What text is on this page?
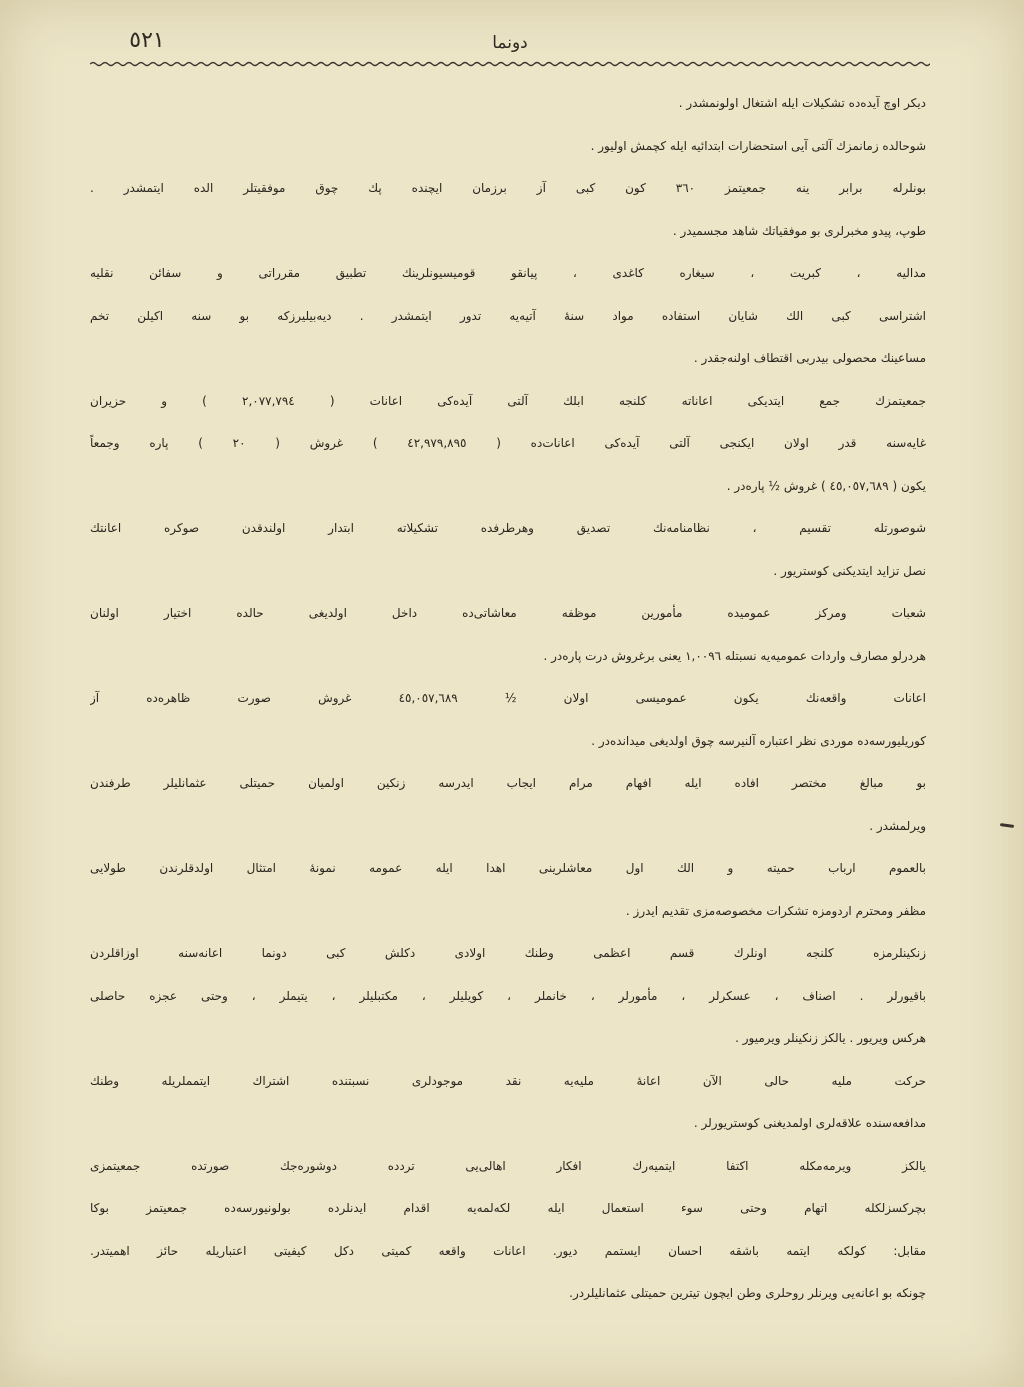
٥٢١	دونما
دیکر اوچ آیده‌ده تشکیلات ایله اشتغال اولونمشدر .
شوحالده زمانمزك آلتی آیی استحضارات ابتدائیه ایله کچمش اولیور .
بونلرله برابر ینه جمعیتمز ٣٦٠ کون کبی آز برزمان ایچنده پك چوق موفقیتلر الده ایتمشدر .
طوپ، پیدو مخبرلری بو موفقیاتك شاهد مجسمیدر .
مدالیه ، کبریت ، سیغاره کاغدی ، پیانقو قومیسیونلرینك تطبیق مقرراتی و سفائن نقلیه
اشتراسی کبی الك شایان استفاده مواد سنهٔ آتیه‌یه تدور ایتمشدر . دیه‌بیلیرزکه بو سنه اکیلن تخم
مساعینك محصولی بیدربی اقتطاف اولنه‌جقدر .
جمعیتمزك جمع ایتدیکی اعاناته کلنجه ابلك آلتی آیده‌کی اعانات ( ٢,٠٧٧,٧٩٤ ) و حزیران
غایه‌سنه قدر اولان ایکنجی آلتی آیده‌کی اعانات‌ده ( ٤٢,٩٧٩,٨٩٥ ) غروش ( ٢٠ ) پاره وجمعاً
یکون ( ٤٥,٠٥٧,٦٨٩ ) غروش ½ پاره‌در .
شوصورتله تقسیم ، نظامنامه‌نك تصدیق وهرطرفده تشکیلاته ابتدار اولندقدن صوکره اعانتك
نصل تزاید ایتدیکنی کوستریور .
شعبات ومرکز عمومیده مأمورین موظفه معاشاتی‌ده داخل اولدیغی حالده اختیار اولنان
هردرلو مصارف واردات عمومیه‌یه نسبتله ١,٠٠٩٦ یعنی برغروش درت پاره‌در .
اعانات واقعه‌نك یکون عمومیسی اولان ½ ٤٥,٠٥٧,٦٨٩ غروش صورت ظاهره‌ده آز
کوریلیورسه‌ده موردی نظر اعتباره آلنیرسه چوق اولدیغی میدانده‌در .
بو مبالغ مختصر افاده ایله افهام مرام ایجاب ایدرسه زنکین اولمیان حمیتلی عثمانلیلر طرفندن
ویرلمشدر .
بالعموم ارباب حمیته و الك اول معاشلرینی اهدا ایله عمومه نمونهٔ امتثال اولدقلرندن طولایی
مظفر ومحترم اردومزه تشکرات مخصوصه‌مزی تقدیم ایدرز .
زنکینلرمزه کلنجه اونلرك قسم اعظمی وطنك اولادی دکلش کبی دونما اعانه‌سنه اوزاقلردن
باقیورلر . اصناف ، عسکرلر ، مأمورلر ، خانملر ، کویلیلر ، مکتبلیلر ، یتیملر ، وحتی عجزه حاصلی
هرکس ویریور . یالکز زنکینلر ویرمیور .
حرکت ملیه حالی الآن اعانهٔ ملیه‌یه نقد موجودلری نسبتنده اشتراك ایتمملریله وطنك
مدافعه‌سنده علاقه‌لری اولمدیغنی کوستریورلر .
یالکز ویرمه‌مکله اکتفا ایتمیه‌رك افکار اهالی‌یی تردده دوشوره‌جك صورتده جمعیتمزی
بچرکسزلکله اتهام وحتی سوء استعمال ایله لکه‌لمه‌یه اقدام ایدنلرده بولونیورسه‌ده جمعیتمز بوکا
مقابل: کولکه ایتمه باشقه احسان ایستمم دیور. اعانات واقعه کمیتی دکل کیفیتی اعتباریله حائز اهمیتدر.
چونکه بو اعانه‌یی ویرنلر روحلری وطن ایچون تیترین حمیتلی عثمانلیلردر.
